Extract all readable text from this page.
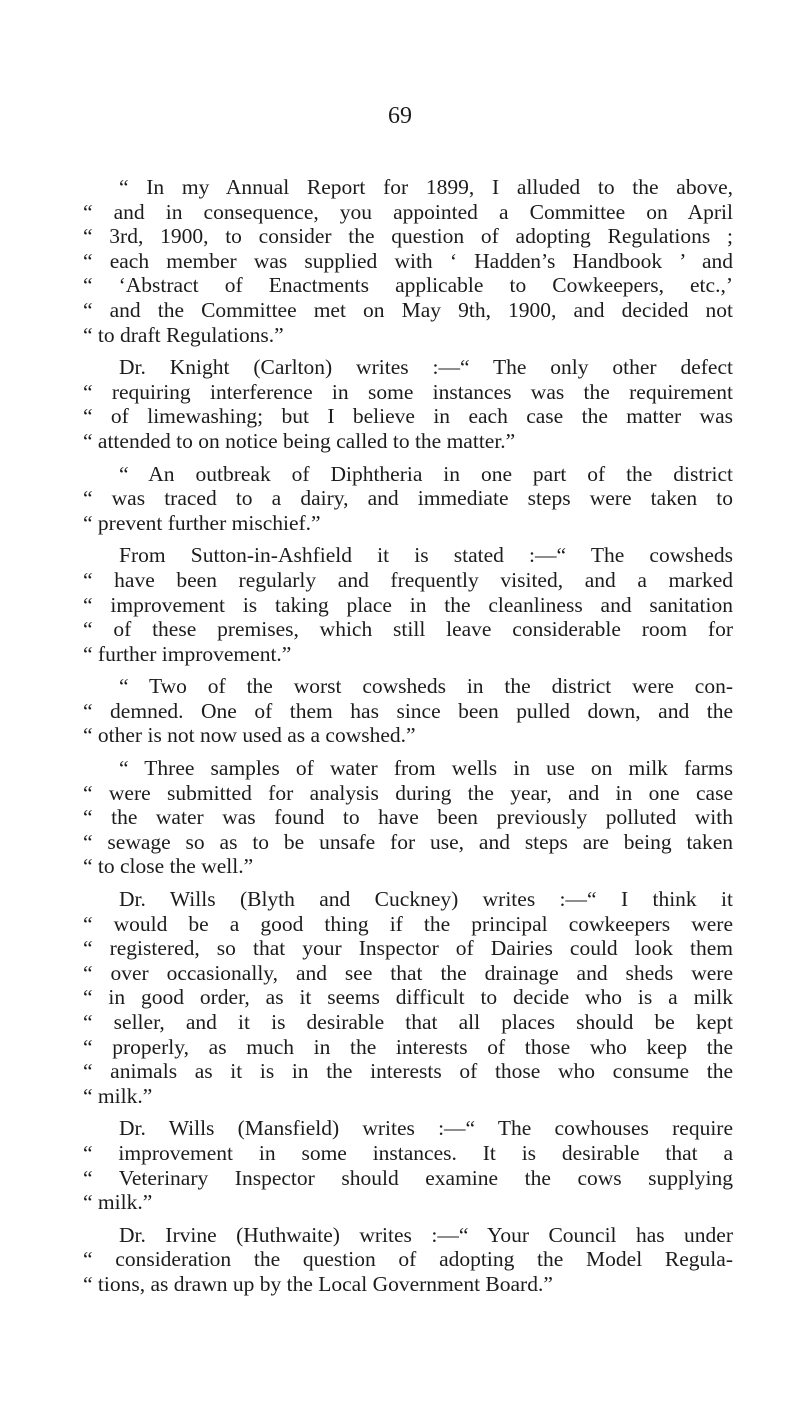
69

“ In my Annual Report for 1899, I alluded to the above,
“ and in consequence, you appointed a Committee on April
“ 3rd, 1900, to consider the question of adopting Regulations ;
“ each member was supplied with ‘ Hadden’s Handbook ’ and
“ ‘Abstract of Enactments applicable to Cowkeepers, etc.,’
“ and the Committee met on May 9th, 1900, and decided not
“ to draft Regulations.”

Dr. Knight (Carlton) writes :—“ The only other defect
“ requiring interference in some instances was the requirement
“ of limewashing; but I believe in each case the matter was
“ attended to on notice being called to the matter.”

“ An outbreak of Diphtheria in one part of the district
“ was traced to a dairy, and immediate steps were taken to
“ prevent further mischief.”

From Sutton-in-Ashfield it is stated :—“ The cowsheds
“ have been regularly and frequently visited, and a marked
“ improvement is taking place in the cleanliness and sanitation
“ of these premises, which still leave considerable room for
“ further improvement.”

“ Two of the worst cowsheds in the district were con-
“ demned. One of them has since been pulled down, and the
“ other is not now used as a cowshed.”

“ Three samples of water from wells in use on milk farms
“ were submitted for analysis during the year, and in one case
“ the water was found to have been previously polluted with
“ sewage so as to be unsafe for use, and steps are being taken
“ to close the well.”

Dr. Wills (Blyth and Cuckney) writes :—“ I think it
“ would be a good thing if the principal cowkeepers were
“ registered, so that your Inspector of Dairies could look them
“ over occasionally, and see that the drainage and sheds were
“ in good order, as it seems difficult to decide who is a milk
“ seller, and it is desirable that all places should be kept
“ properly, as much in the interests of those who keep the
“ animals as it is in the interests of those who consume the
“ milk.”

Dr. Wills (Mansfield) writes :—“ The cowhouses require
“ improvement in some instances. It is desirable that a
“ Veterinary Inspector should examine the cows supplying
“ milk.”

Dr. Irvine (Huthwaite) writes :—“ Your Council has under
“ consideration the question of adopting the Model Regula-
“ tions, as drawn up by the Local Government Board.”
